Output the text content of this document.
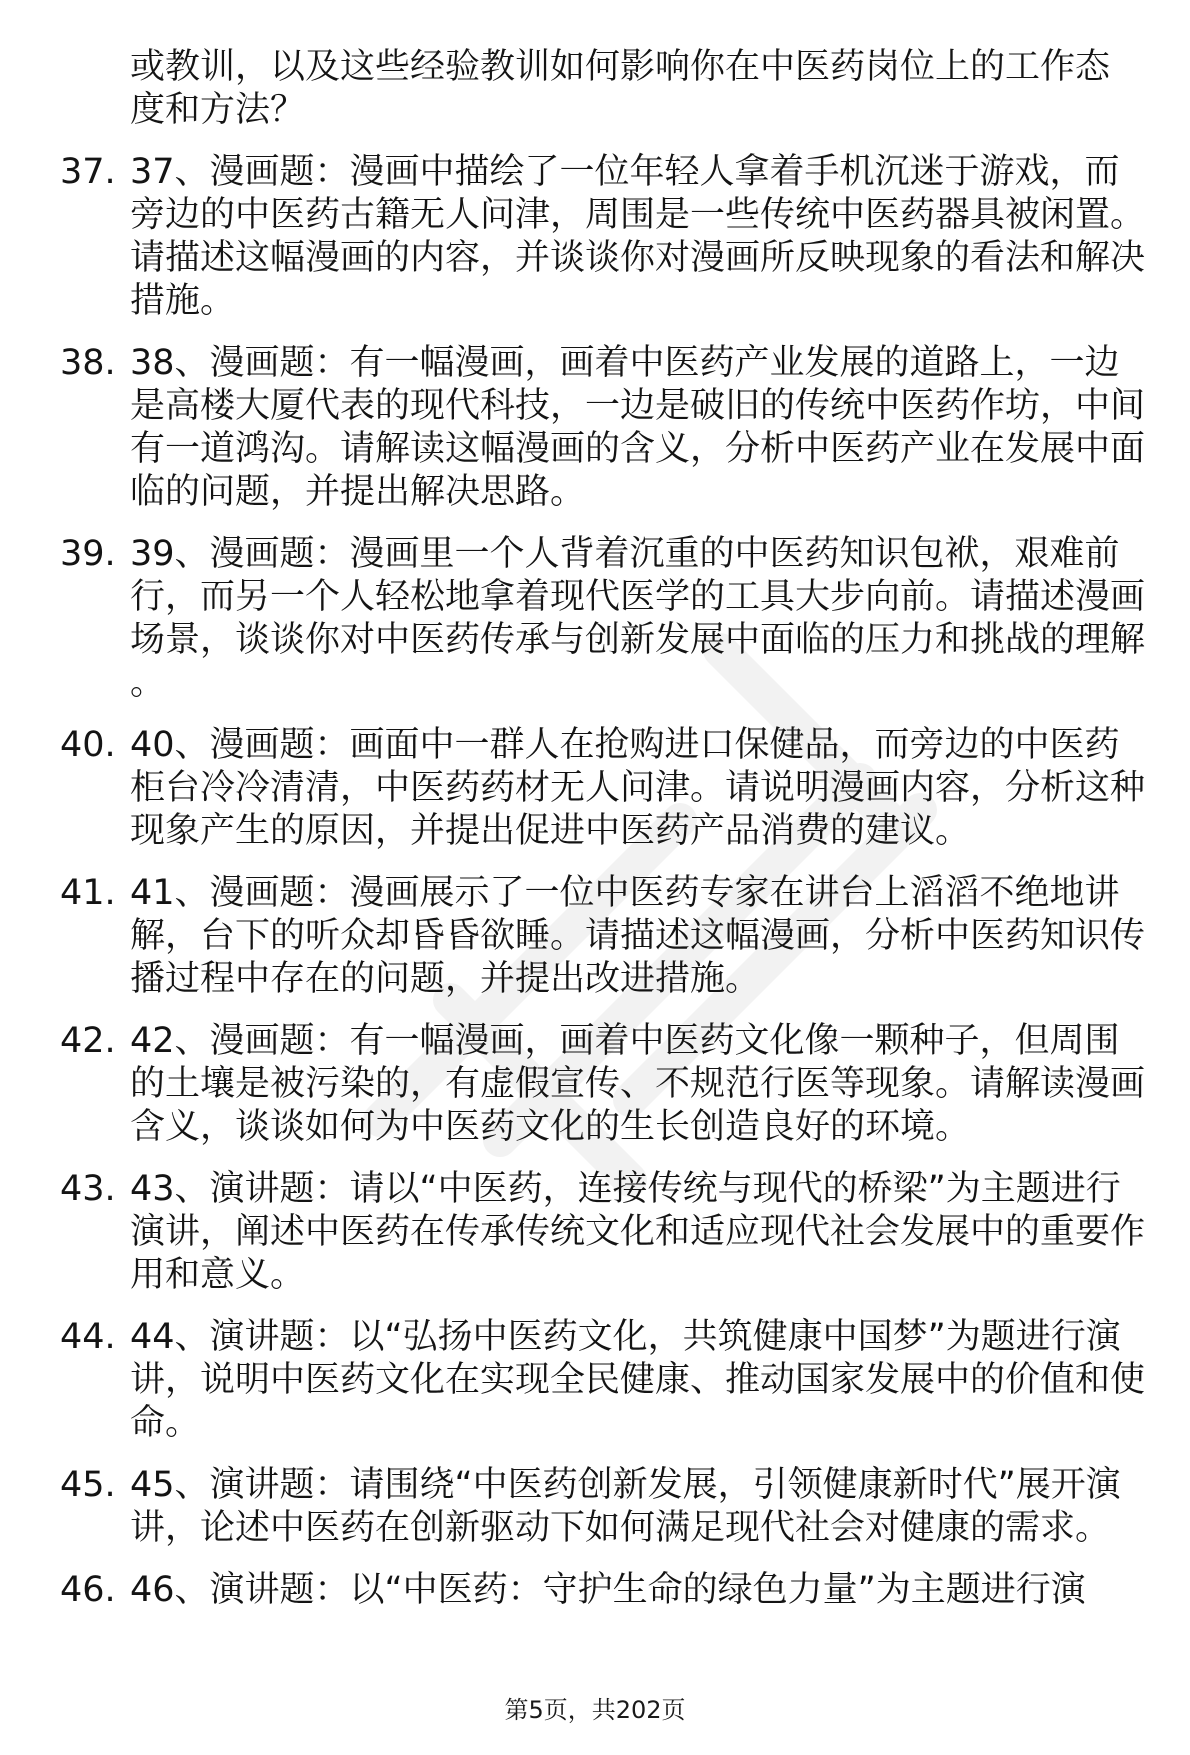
或教训，以及这些经验教训如何影响你在中医药岗位上的工作态度和方法？
37. 37、漫画题：漫画中描绘了一位年轻人拿着手机沉迷于游戏，而旁边的中医药古籍无人问津，周围是一些传统中医药器具被闲置。请描述这幅漫画的内容，并谈谈你对漫画所反映现象的看法和解决措施。
38. 38、漫画题：有一幅漫画，画着中医药产业发展的道路上，一边是高楼大厦代表的现代科技，一边是破旧的传统中医药作坊，中间有一道鸿沟。请解读这幅漫画的含义，分析中医药产业在发展中面临的问题，并提出解决思路。
39. 39、漫画题：漫画里一个人背着沉重的中医药知识包袱，艰难前行，而另一个人轻松地拿着现代医学的工具大步向前。请描述漫画场景，谈谈你对中医药传承与创新发展中面临的压力和挑战的理解。
40. 40、漫画题：画面中一群人在抢购进口保健品，而旁边的中医药柜台冷冷清清，中医药药材无人问津。请说明漫画内容，分析这种现象产生的原因，并提出促进中医药产品消费的建议。
41. 41、漫画题：漫画展示了一位中医药专家在讲台上滔滔不绝地讲解，台下的听众却昏昏欲睡。请描述这幅漫画，分析中医药知识传播过程中存在的问题，并提出改进措施。
42. 42、漫画题：有一幅漫画，画着中医药文化像一颗种子，但周围的土壤是被污染的，有虚假宣传、不规范行医等现象。请解读漫画含义，谈谈如何为中医药文化的生长创造良好的环境。
43. 43、演讲题：请以“中医药，连接传统与现代的桥梁”为主题进行演讲，阐述中医药在传承传统文化和适应现代社会发展中的重要作用和意义。
44. 44、演讲题：以“弘扬中医药文化，共筑健康中国梦”为题进行演讲，说明中医药文化在实现全民健康、推动国家发展中的价值和使命。
45. 45、演讲题：请围绕“中医药创新发展，引领健康新时代”展开演讲，论述中医药在创新驱动下如何满足现代社会对健康的需求。
46. 46、演讲题：以“中医药：守护生命的绿色力量”为主题进行演
第5页，共202页
